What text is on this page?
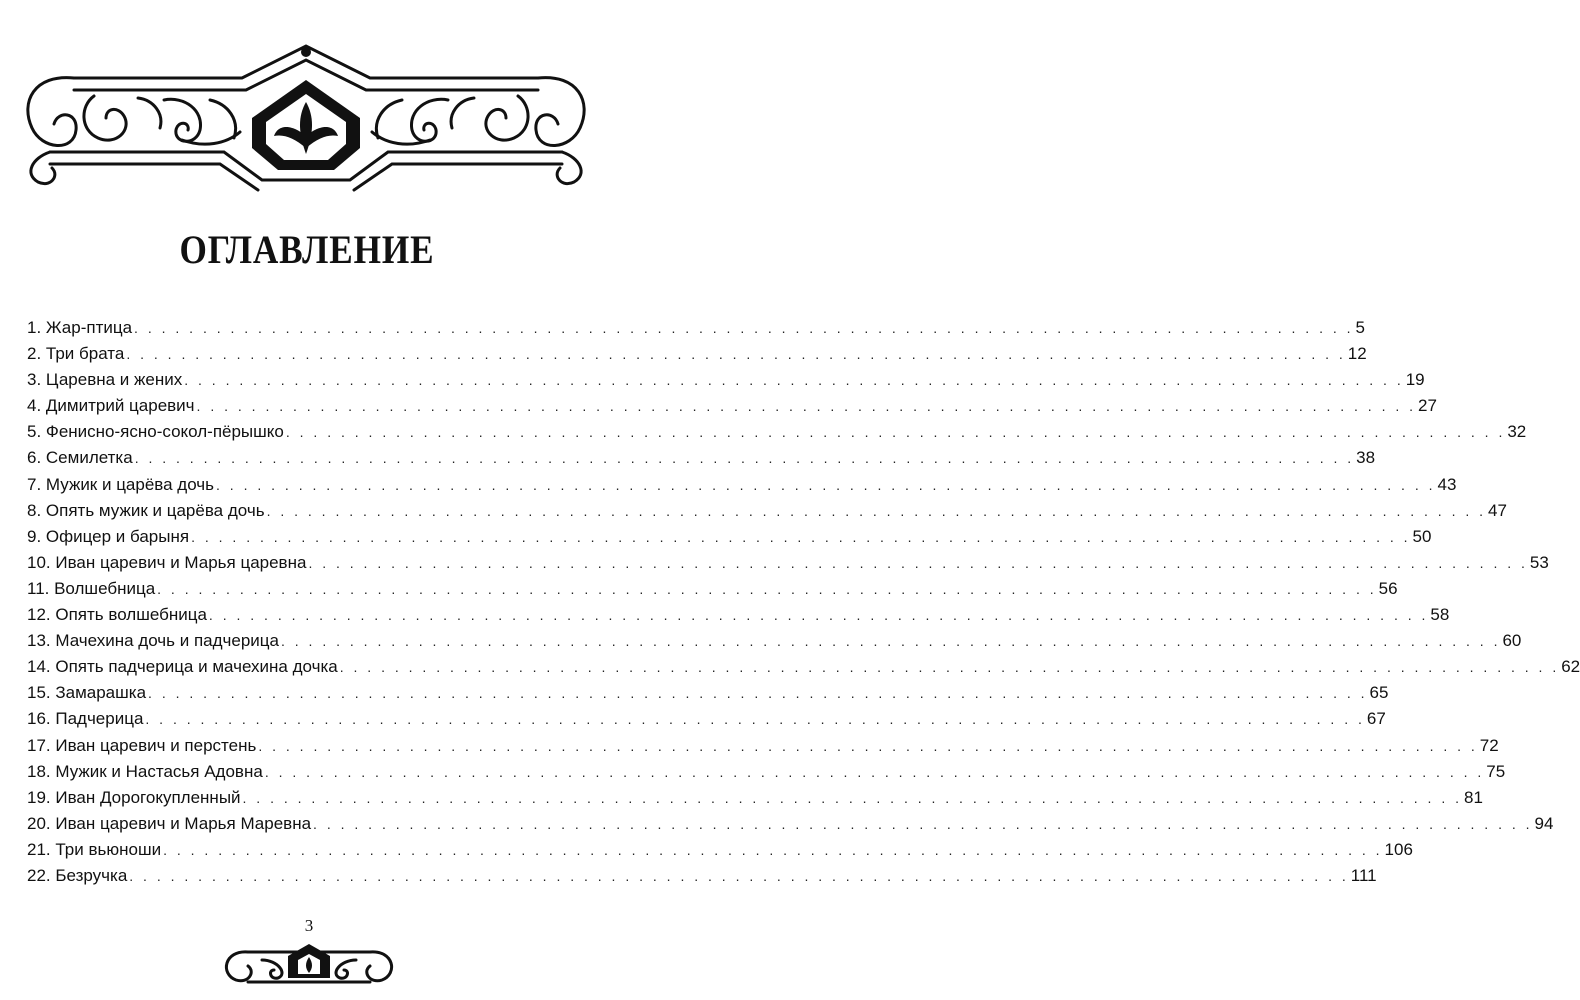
ОГЛАВЛЕНИЕ
1. Жар-птица . . . . . . . . . . . . . . . . . . . . . . . . . . . . . . . . . . . . . . . . . . . . . . . . . . . . . . . . . . . . . . . . . . . . . . . . . . . . . . . . . . . . . . . . . 5
2. Три брата . . . . . . . . . . . . . . . . . . . . . . . . . . . . . . . . . . . . . . . . . . . . . . . . . . . . . . . . . . . . . . . . . . . . . . . . . . . . . . . . . . . . . . . . . 12
3. Царевна и жених . . . . . . . . . . . . . . . . . . . . . . . . . . . . . . . . . . . . . . . . . . . . . . . . . . . . . . . . . . . . . . . . . . . . . . . . . . . . . . . . . . . . . . . . . 19
4. Димитрий царевич . . . . . . . . . . . . . . . . . . . . . . . . . . . . . . . . . . . . . . . . . . . . . . . . . . . . . . . . . . . . . . . . . . . . . . . . . . . . . . . . . . . . . . . . . 27
5. Фенисно-ясно-сокол-пёрышко . . . . . . . . . . . . . . . . . . . . . . . . . . . . . . . . . . . . . . . . . . . . . . . . . . . . . . . . . . . . . . . . . . . . . . . . . . . . . . . . . . . . . . . . . 32
6. Семилетка . . . . . . . . . . . . . . . . . . . . . . . . . . . . . . . . . . . . . . . . . . . . . . . . . . . . . . . . . . . . . . . . . . . . . . . . . . . . . . . . . . . . . . . . . 38
7. Мужик и царёва дочь . . . . . . . . . . . . . . . . . . . . . . . . . . . . . . . . . . . . . . . . . . . . . . . . . . . . . . . . . . . . . . . . . . . . . . . . . . . . . . . . . . . . . . . . . 43
8. Опять мужик и царёва дочь . . . . . . . . . . . . . . . . . . . . . . . . . . . . . . . . . . . . . . . . . . . . . . . . . . . . . . . . . . . . . . . . . . . . . . . . . . . . . . . . . . . . . . . . . 47
9. Офицер и барыня . . . . . . . . . . . . . . . . . . . . . . . . . . . . . . . . . . . . . . . . . . . . . . . . . . . . . . . . . . . . . . . . . . . . . . . . . . . . . . . . . . . . . . . . . 50
10. Иван царевич и Марья царевна . . . . . . . . . . . . . . . . . . . . . . . . . . . . . . . . . . . . . . . . . . . . . . . . . . . . . . . . . . . . . . . . . . . . . . . . . . . . . . . . . . . . . . . . . 53
11. Волшебница . . . . . . . . . . . . . . . . . . . . . . . . . . . . . . . . . . . . . . . . . . . . . . . . . . . . . . . . . . . . . . . . . . . . . . . . . . . . . . . . . . . . . . . . . 56
12. Опять волшебница . . . . . . . . . . . . . . . . . . . . . . . . . . . . . . . . . . . . . . . . . . . . . . . . . . . . . . . . . . . . . . . . . . . . . . . . . . . . . . . . . . . . . . . . . 58
13. Мачехина дочь и падчерица . . . . . . . . . . . . . . . . . . . . . . . . . . . . . . . . . . . . . . . . . . . . . . . . . . . . . . . . . . . . . . . . . . . . . . . . . . . . . . . . . . . . . . . . . 60
14. Опять падчерица и мачехина дочка . . . . . . . . . . . . . . . . . . . . . . . . . . . . . . . . . . . . . . . . . . . . . . . . . . . . . . . . . . . . . . . . . . . . . . . . . . . . . . . . . . . . . . . . . 62
15. Замарашка . . . . . . . . . . . . . . . . . . . . . . . . . . . . . . . . . . . . . . . . . . . . . . . . . . . . . . . . . . . . . . . . . . . . . . . . . . . . . . . . . . . . . . . . . 65
16. Падчерица . . . . . . . . . . . . . . . . . . . . . . . . . . . . . . . . . . . . . . . . . . . . . . . . . . . . . . . . . . . . . . . . . . . . . . . . . . . . . . . . . . . . . . . . . 67
17. Иван царевич и перстень . . . . . . . . . . . . . . . . . . . . . . . . . . . . . . . . . . . . . . . . . . . . . . . . . . . . . . . . . . . . . . . . . . . . . . . . . . . . . . . . . . . . . . . . . 72
18. Мужик и Настасья Адовна . . . . . . . . . . . . . . . . . . . . . . . . . . . . . . . . . . . . . . . . . . . . . . . . . . . . . . . . . . . . . . . . . . . . . . . . . . . . . . . . . . . . . . . . . 75
19. Иван Дорогокупленный . . . . . . . . . . . . . . . . . . . . . . . . . . . . . . . . . . . . . . . . . . . . . . . . . . . . . . . . . . . . . . . . . . . . . . . . . . . . . . . . . . . . . . . . . 81
20. Иван царевич и Марья Маревна . . . . . . . . . . . . . . . . . . . . . . . . . . . . . . . . . . . . . . . . . . . . . . . . . . . . . . . . . . . . . . . . . . . . . . . . . . . . . . . . . . . . . . . . . 94
21. Три вьюноши . . . . . . . . . . . . . . . . . . . . . . . . . . . . . . . . . . . . . . . . . . . . . . . . . . . . . . . . . . . . . . . . . . . . . . . . . . . . . . . . . . . . . . . . . 106
22. Безручка . . . . . . . . . . . . . . . . . . . . . . . . . . . . . . . . . . . . . . . . . . . . . . . . . . . . . . . . . . . . . . . . . . . . . . . . . . . . . . . . . . . . . . . . . 111
3
